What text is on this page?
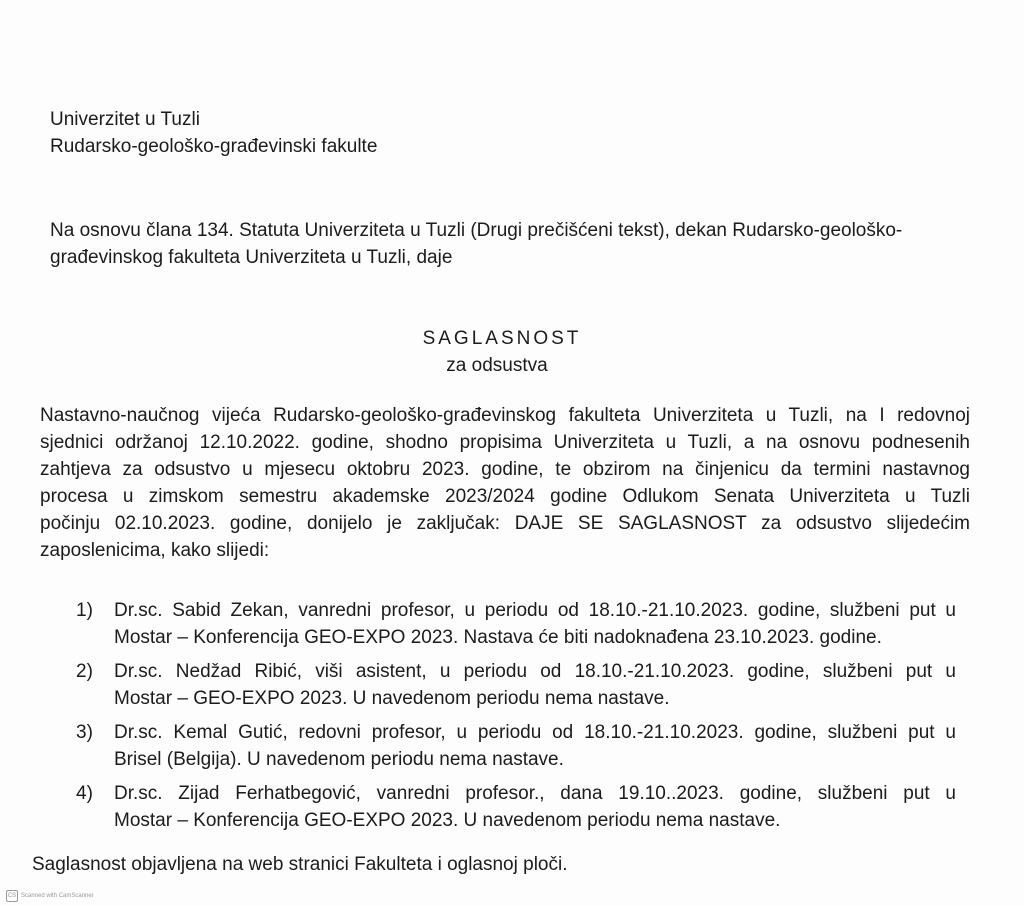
Univerzitet u Tuzli
Rudarsko-geološko-građevinski fakulte
Na osnovu člana 134. Statuta Univerziteta u Tuzli (Drugi prečišćeni tekst), dekan Rudarsko-geološko-
građevinskog fakulteta Univerziteta u Tuzli, daje
SAGLASNOST
za odsustva
Nastavno-naučnog vijeća Rudarsko-geološko-građevinskog fakulteta Univerziteta u Tuzli, na I redovnoj
sjednici održanoj 12.10.2022. godine, shodno propisima Univerziteta u Tuzli, a na osnovu podnesenih
zahtjeva za odsustvo u mjesecu oktobru 2023. godine, te obzirom na činjenicu da termini nastavnog
procesa u zimskom semestru akademske 2023/2024 godine Odlukom Senata Univerziteta u Tuzli
počinju 02.10.2023. godine, donijelo je zaključak: DAJE SE SAGLASNOST za odsustvo slijedećim
zaposlenicima, kako slijedi:
1) Dr.sc. Sabid Zekan, vanredni profesor, u periodu od 18.10.-21.10.2023. godine, službeni put u
Mostar – Konferencija GEO-EXPO 2023. Nastava će biti nadoknađena 23.10.2023. godine.
2) Dr.sc. Nedžad Ribić, viši asistent, u periodu od 18.10.-21.10.2023. godine, službeni put u
Mostar – GEO-EXPO 2023. U navedenom periodu nema nastave.
3) Dr.sc. Kemal Gutić, redovni profesor, u periodu od 18.10.-21.10.2023. godine, službeni put u
Brisel (Belgija). U navedenom periodu nema nastave.
4) Dr.sc. Zijad Ferhatbegović, vanredni profesor., dana 19.10..2023. godine, službeni put u
Mostar – Konferencija GEO-EXPO 2023. U navedenom periodu nema nastave.
Saglasnost objavljena na web stranici Fakulteta i oglasnoj ploči.
CS Scanned with CamScanner
